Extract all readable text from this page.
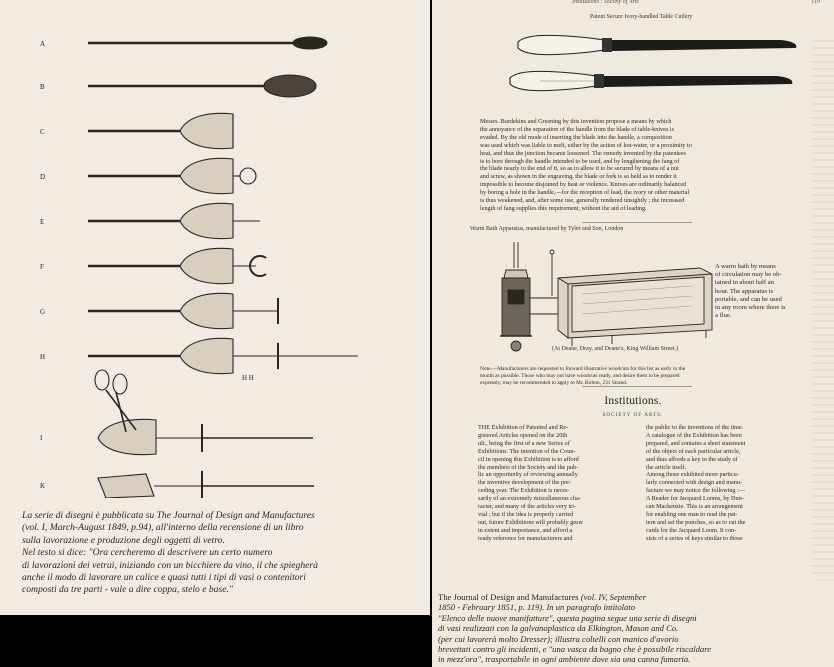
A
B
C
D
E
F
G
H
H H
I
K
La serie di disegni è pubblicata su The Journal of Design and Manufactures
(vol. I, March-August 1849, p.94), all'interno della recensione di un libro
sulla lavorazione e produzione degli oggetti di vetro.
Nel testo si dice: "Ora cercheremo di descrivere un certo numero
di lavorazioni dei vetrai, iniziando con un bicchiere da vino, il che spiegherà
anche il modo di lavorare un calice e quasi tutti i tipi di vasi o contenitori
composti da tre parti - vale a dire coppa, stelo e base."
Institutions : Society of Arts	119
Patent Secure Ivory-handled Table Cutlery
Messrs. Burdekins and Greening by this invention propose a means by which
the annoyance of the separation of the handle from the blade of table-knives is
evaded. By the old mode of inserting the blade into the handle, a composition
was used which was liable to melt, either by the action of hot-water, or a proximity to
heat, and thus the junction became loosened. The remedy invented by the patentees
is to bore through the handle intended to be used, and by lengthening the fang of
the blade nearly to the end of it, so as to allow it to be secured by means of a nut
and screw, as shown in the engraving, the blade or fork is so held as to render it
impossible to become disjoined by heat or violence. Knives are ordinarily balanced
by boring a hole in the handle,—for the reception of lead, the ivory or other material
is thus weakened, and, after some use, generally rendered unsightly ; the increased
length of fang supplies this requirement, without the aid of leading.
Warm Bath Apparatus, manufactured by Tyler and Son, London
A warm bath by means
of circulation may be ob-
tained in about half an
hour. The apparatus is
portable, and can be used
in any room where there is
a flue.
(At Deane, Dray, and Deane's, King William Street.)
Note.—Manufacturers are requested to forward illustrative woodcuts for this list as early in the
month as possible. Those who may not have woodcuts ready, and desire them to be prepared
expressly, may be recommended to apply to Mr. Bolton, 231 Strand.
Institutions.
SOCIETY OF ARTS.
THE Exhibition of Patented and Re-
gistered Articles opened on the 20th
ult., being the first of a new Series of
Exhibitions. The intention of the Coun-
cil in opening this Exhibition is to afford
the members of the Society and the pub-
lic an opportunity of reviewing annually
the inventive development of the pre-
ceding year. The Exhibition is neces-
sarily of an extremely miscellaneous cha-
racter, and many of the articles very tri-
vial ; but if the idea is properly carried
out, future Exhibitions will probably grow
in extent and importance, and afford a
ready reference for manufacturers and
the public to the inventions of the time.
A catalogue of the Exhibition has been
prepared, and contains a short statement
of the object of each particular article,
and thus affords a key to the study of
the article itself.
Among those exhibited more particu-
larly connected with design and manu-
facture we may notice the following :—
A Reader for Jacquard Looms, by Dun-
can Mackenzie. This is an arrangement
for enabling one man to read the pat-
tern and set the punches, so as to cut the
cards for the Jacquard Loom. It con-
sists of a series of keys similar to those
The Journal of Design and Manufactures (vol. IV, September
1850 - February 1851, p. 119). In un paragrafo intitolato
"Elenco delle nuove manifatture", questa pagina segue una serie di disegni
di vasi realizzati con la galvanoplastica da Elkington, Mason and Co.
(per cui lavorerà molto Dresser); illustra coltelli con manico d'avorio
brevettati contro gli incidenti, e "una vasca da bagno che è possibile riscaldare
in mezz'ora", trasportabile in ogni ambiente dove sia una canna fumaria.
